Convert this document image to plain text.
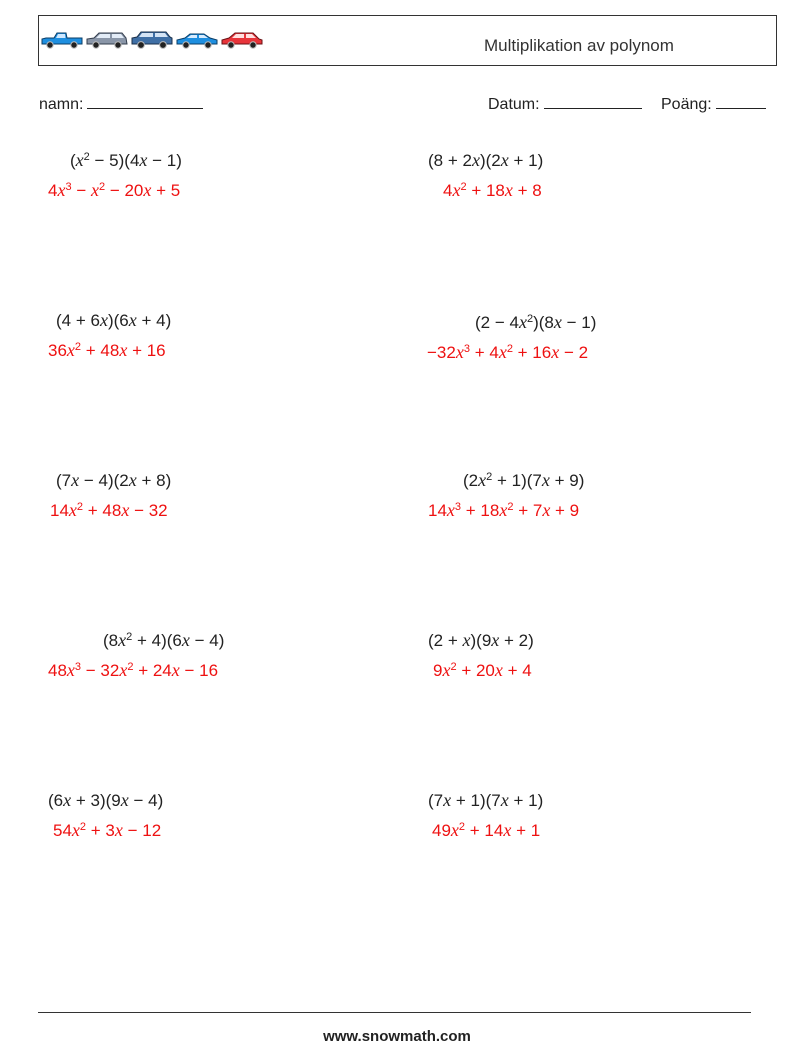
Multiplikation av polynom
namn:	Datum:	Poäng:
$(x^2 - 5)(4x - 1)$
$4x^3 - x^2 - 20x + 5$
(8 + 2x)(2x + 1)
$4x^2 + 18x + 8$
(4 + 6x)(6x + 4)
$36x^2 + 48x + 16$
$(2 - 4x^2)(8x - 1)$
$-32x^3 + 4x^2 + 16x - 2$
(7x − 4)(2x + 8)
$14x^2 + 48x - 32$
$(2x^2 + 1)(7x + 9)$
$14x^3 + 18x^2 + 7x + 9$
$(8x^2 + 4)(6x - 4)$
$48x^3 - 32x^2 + 24x - 16$
(2 + x)(9x + 2)
$9x^2 + 20x + 4$
(6x + 3)(9x − 4)
$54x^2 + 3x - 12$
(7x + 1)(7x + 1)
$49x^2 + 14x + 1$
www.snowmath.com
